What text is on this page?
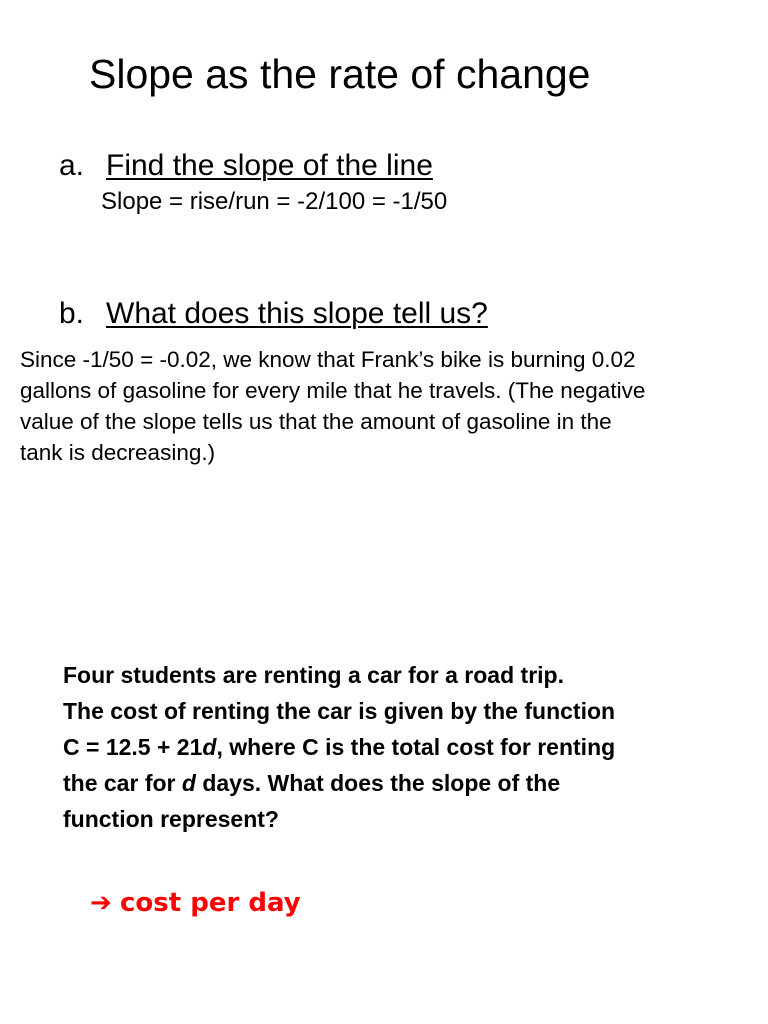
Slope as the rate of change
a. Find the slope of the line
Slope = rise/run = -2/100 = -1/50
b. What does this slope tell us?
Since -1/50 = -0.02, we know that Frank’s bike is burning 0.02
gallons of gasoline for every mile that he travels. (The negative
value of the slope tells us that the amount of gasoline in the
tank is decreasing.)
Four students are renting a car for a road trip.
The cost of renting the car is given by the function
C = 12.5 + 21d, where C is the total cost for renting
the car for d days. What does the slope of the
function represent?
➔ cost per day
